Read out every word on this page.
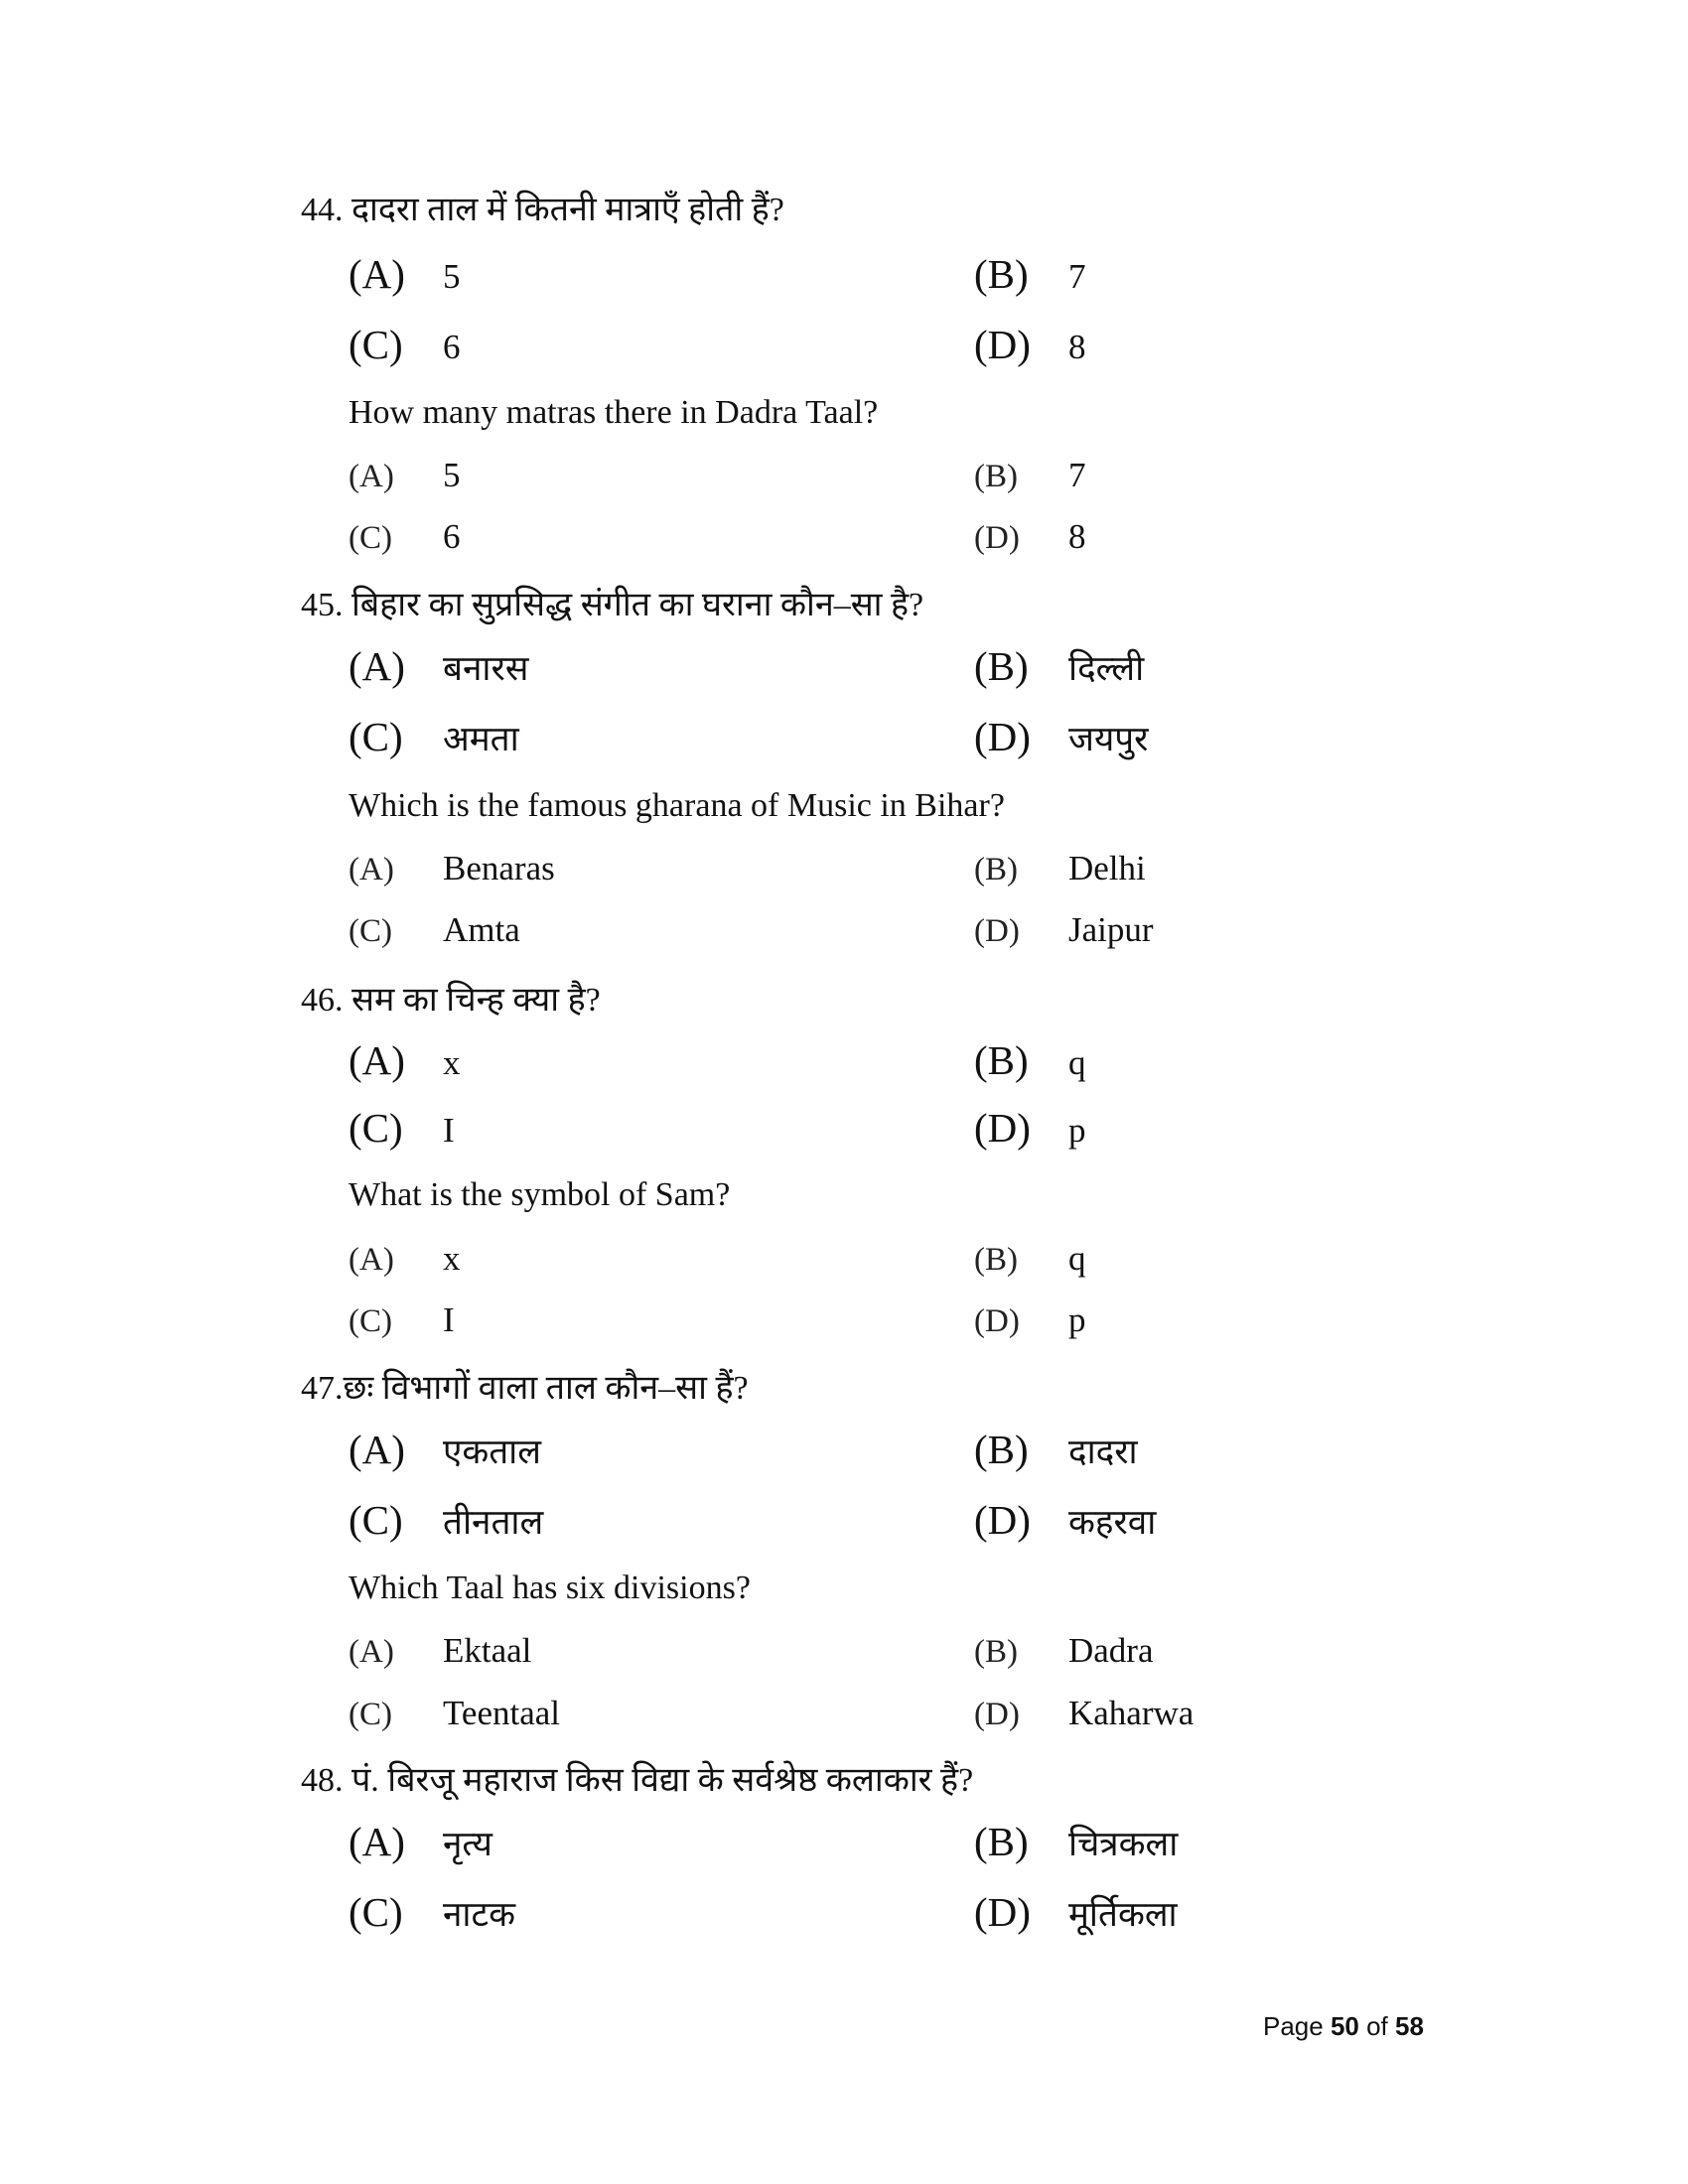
44. दादरा ताल में कितनी मात्राएँ होती हैं?
(A) 5	(B) 7
(C) 6	(D) 8
How many matras there in Dadra Taal?
(A) 5	(B) 7
(C) 6	(D) 8
45. बिहार का सुप्रसिद्ध संगीत का घराना कौन–सा है?
(A) बनारस	(B) दिल्ली
(C) अमता	(D) जयपुर
Which is the famous gharana of Music in Bihar?
(A) Benaras	(B) Delhi
(C) Amta	(D) Jaipur
46. सम का चिन्ह क्या है?
(A) x	(B) q
(C) I	(D) p
What is the symbol of Sam?
(A) x	(B) q
(C) I	(D) p
47.छः विभागों वाला ताल कौन–सा हैं?
(A) एकताल	(B) दादरा
(C) तीनताल	(D) कहरवा
Which Taal has six divisions?
(A) Ektaal	(B) Dadra
(C) Teentaal	(D) Kaharwa
48. पं. बिरजू महाराज किस विद्या के सर्वश्रेष्ठ कलाकार हैं?
(A) नृत्य	(B) चित्रकला
(C) नाटक	(D) मूर्तिकला
Page 50 of 58
